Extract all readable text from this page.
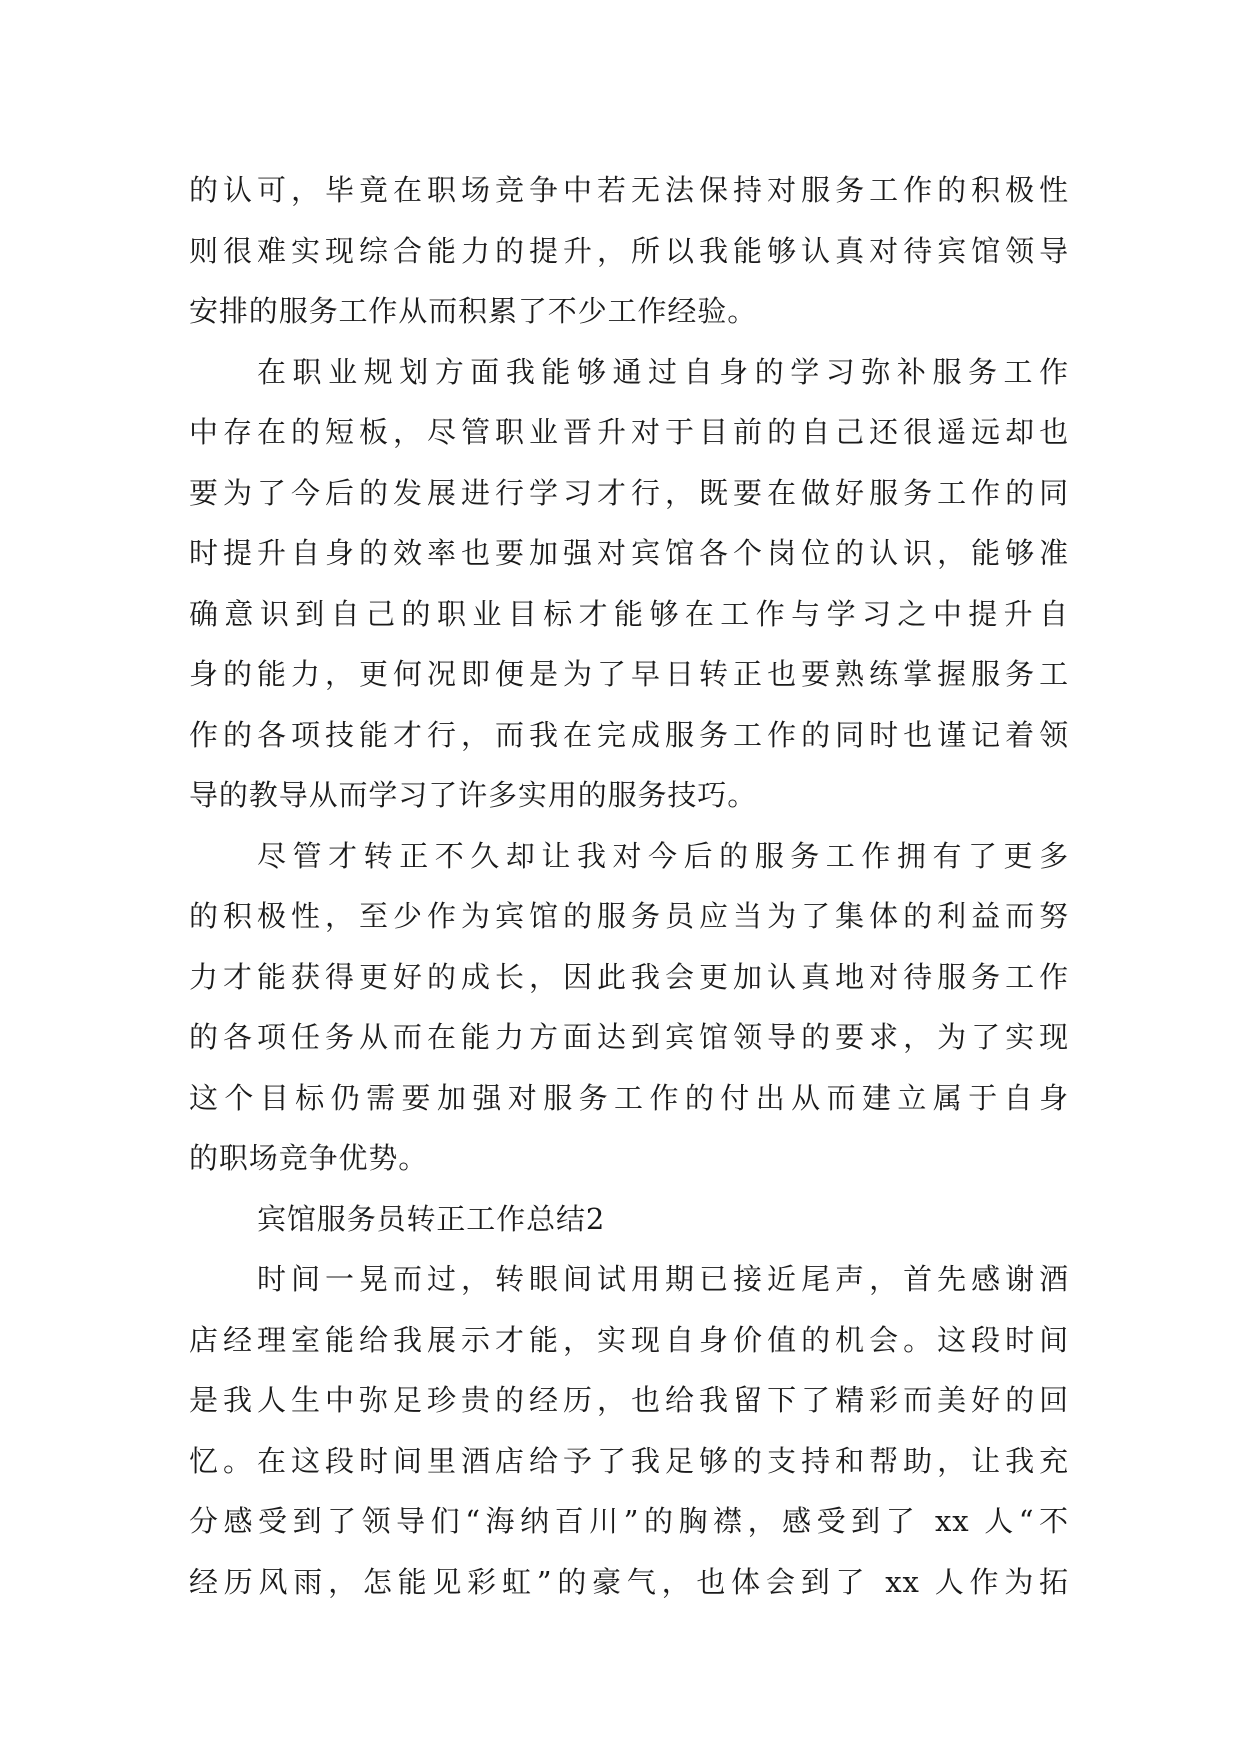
的认可，毕竟在职场竞争中若无法保持对服务工作的积极性
则很难实现综合能力的提升，所以我能够认真对待宾馆领导
安排的服务工作从而积累了不少工作经验。
在职业规划方面我能够通过自身的学习弥补服务工作
中存在的短板，尽管职业晋升对于目前的自己还很遥远却也
要为了今后的发展进行学习才行，既要在做好服务工作的同
时提升自身的效率也要加强对宾馆各个岗位的认识，能够准
确意识到自己的职业目标才能够在工作与学习之中提升自
身的能力，更何况即便是为了早日转正也要熟练掌握服务工
作的各项技能才行，而我在完成服务工作的同时也谨记着领
导的教导从而学习了许多实用的服务技巧。
尽管才转正不久却让我对今后的服务工作拥有了更多
的积极性，至少作为宾馆的服务员应当为了集体的利益而努
力才能获得更好的成长，因此我会更加认真地对待服务工作
的各项任务从而在能力方面达到宾馆领导的要求，为了实现
这个目标仍需要加强对服务工作的付出从而建立属于自身
的职场竞争优势。
宾馆服务员转正工作总结2
时间一晃而过，转眼间试用期已接近尾声，首先感谢酒
店经理室能给我展示才能，实现自身价值的机会。这段时间
是我人生中弥足珍贵的经历，也给我留下了精彩而美好的回
忆。在这段时间里酒店给予了我足够的支持和帮助，让我充
分感受到了领导们“海纳百川”的胸襟，感受到了 xx 人“不
经历风雨，怎能见彩虹”的豪气，也体会到了 xx 人作为拓
